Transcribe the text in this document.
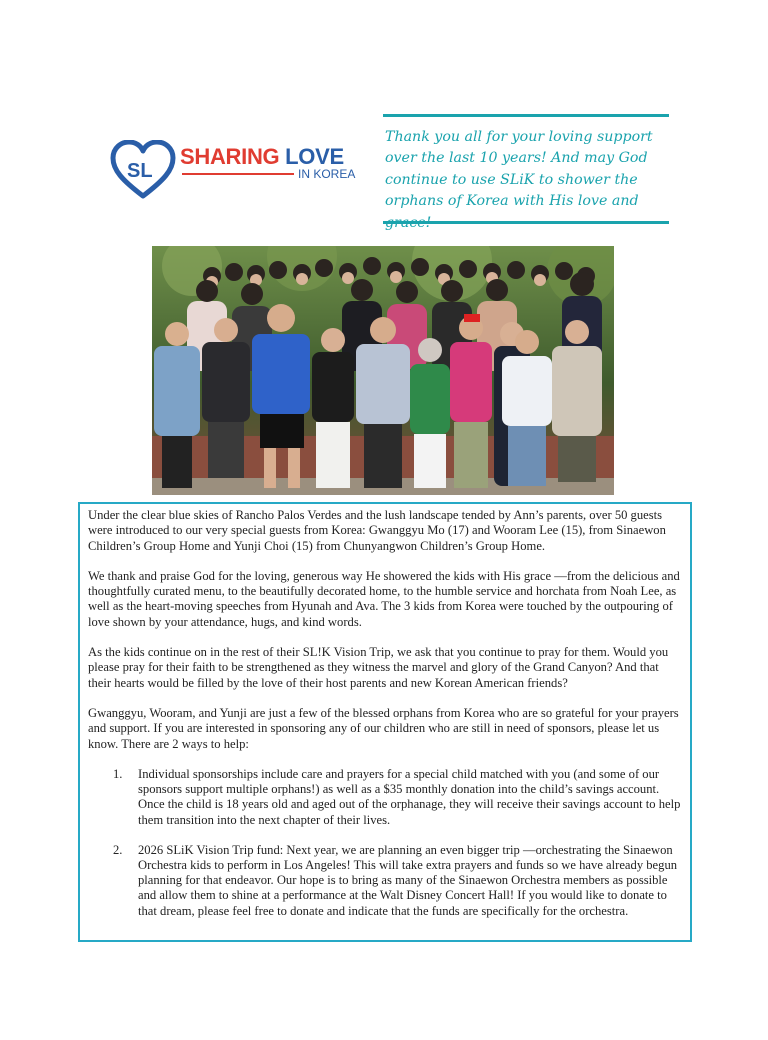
SL
SHARING LOVE
IN KOREA
Thank you all for your loving support over the last 10 years! And may God continue to use SLiK to shower the orphans of Korea with His love and grace!

Under the clear blue skies of Rancho Palos Verdes and the lush landscape tended by Ann’s parents, over 50 guests were introduced to our very special guests from Korea: Gwanggyu Mo (17) and Wooram Lee (15), from Sinaewon Children’s Group Home and Yunji Choi (15) from Chunyangwon Children’s Group Home.

We thank and praise God for the loving, generous way He showered the kids with His grace —from the delicious and thoughtfully curated menu, to the beautifully decorated home, to the humble service and horchata from Noah Lee, as well as the heart-moving speeches from Hyunah and Ava. The 3 kids from Korea were touched by the outpouring of love shown by your attendance, hugs, and kind words.

As the kids continue on in the rest of their SL!K Vision Trip, we ask that you continue to pray for them. Would you please pray for their faith to be strengthened as they witness the marvel and glory of the Grand Canyon? And that their hearts would be filled by the love of their host parents and new Korean American friends?

Gwanggyu, Wooram, and Yunji are just a few of the blessed orphans from Korea who are so grateful for your prayers and support. If you are interested in sponsoring any of our children who are still in need of sponsors, please let us know. There are 2 ways to help:

1. Individual sponsorships include care and prayers for a special child matched with you (and some of our sponsors support multiple orphans!) as well as a $35 monthly donation into the child’s savings account. Once the child is 18 years old and aged out of the orphanage, they will receive their savings account to help them transition into the next chapter of their lives.
2. 2026 SLiK Vision Trip fund: Next year, we are planning an even bigger trip —orchestrating the Sinaewon Orchestra kids to perform in Los Angeles! This will take extra prayers and funds so we have already begun planning for that endeavor. Our hope is to bring as many of the Sinaewon Orchestra members as possible and allow them to shine at a performance at the Walt Disney Concert Hall! If you would like to donate to that dream, please feel free to donate and indicate that the funds are specifically for the orchestra.
